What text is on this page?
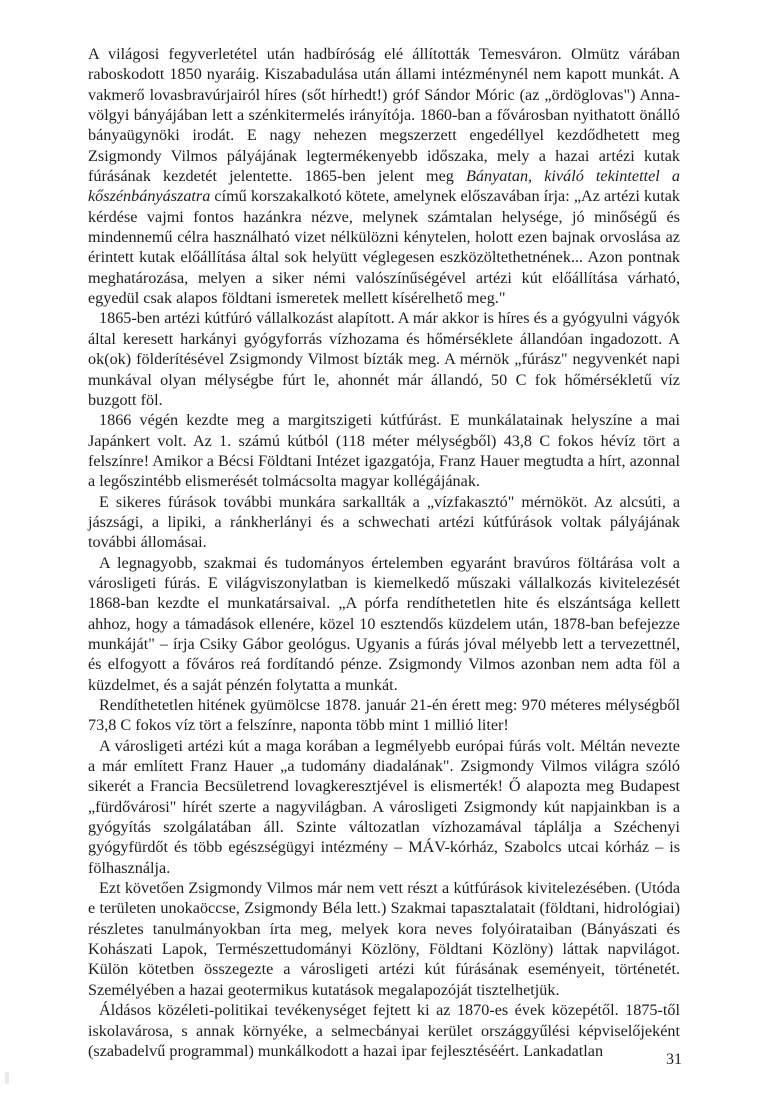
A világosi fegyverletétel után hadbíróság elé állították Temesváron. Olmütz várában raboskodott 1850 nyaráig. Kiszabadulása után állami intézménynél nem kapott munkát. A vakmerő lovasbravúrjairól híres (sőt hírhedt!) gróf Sándor Móric (az „ördöglovas") Anna-völgyi bányájában lett a szénkitermelés irányítója. 1860-ban a fővárosban nyithatott önálló bányaügynöki irodát. E nagy nehezen megszerzett engedéllyel kezdődhetett meg Zsigmondy Vilmos pályájának legtermékenyebb időszaka, mely a hazai artézi kutak fúrásának kezdetét jelentette. 1865-ben jelent meg Bányatan, kiváló tekintettel a kőszénbányászatra című korszakalkotó kötete, amelynek előszavában írja: „Az artézi kutak kérdése vajmi fontos hazánkra nézve, melynek számtalan helysége, jó minőségű és mindennemű célra használható vizet nélkülözni kénytelen, holott ezen bajnak orvoslása az érintett kutak előállítása által sok helyütt véglegesen eszközöltethetnének... Azon pontnak meghatározása, melyen a siker némi valószínűségével artézi kút előállítása várható, egyedül csak alapos földtani ismeretek mellett kísérelhető meg."

1865-ben artézi kútfúró vállalkozást alapított. A már akkor is híres és a gyógyulni vágyók által keresett harkányi gyógyforrás vízhozama és hőmérséklete állandóan ingadozott. A ok(ok) földerítésével Zsigmondy Vilmost bízták meg. A mérnök „fúrász" negyvenkét napi munkával olyan mélységbe fúrt le, ahonnét már állandó, 50 C fok hőmérsékletű víz buzgott föl.

1866 végén kezdte meg a margitszigeti kútfúrást. E munkálatainak helyszíne a mai Japánkert volt. Az 1. számú kútból (118 méter mélységből) 43,8 C fokos hévíz tört a felszínre! Amikor a Bécsi Földtani Intézet igazgatója, Franz Hauer megtudta a hírt, azonnal a legőszintébb elismerését tolmácsolta magyar kollégájának.

E sikeres fúrások további munkára sarkallták a „vízfakasztó" mérnököt. Az alcsúti, a jászsági, a lipiki, a ránkherlányi és a schwechati artézi kútfúrások voltak pályájának további állomásai.

A legnagyobb, szakmai és tudományos értelemben egyaránt bravúros föltárása volt a városligeti fúrás. E világviszonylatban is kiemelkedő műszaki vállalkozás kivitelezését 1868-ban kezdte el munkatársaival. „A pórfa rendíthetetlen hite és elszántsága kellett ahhoz, hogy a támadások ellenére, közel 10 esztendős küzdelem után, 1878-ban befejezze munkáját" – írja Csiky Gábor geológus. Ugyanis a fúrás jóval mélyebb lett a tervezettnél, és elfogyott a főváros reá fordítandó pénze. Zsigmondy Vilmos azonban nem adta föl a küzdelmet, és a saját pénzén folytatta a munkát.

Rendíthetetlen hitének gyümölcse 1878. január 21-én érett meg: 970 méteres mélységből 73,8 C fokos víz tört a felszínre, naponta több mint 1 millió liter!

A városligeti artézi kút a maga korában a legmélyebb európai fúrás volt. Méltán nevezte a már említett Franz Hauer „a tudomány diadalának". Zsigmondy Vilmos világra szóló sikerét a Francia Becsületrend lovagkeresztjével is elismerték! Ő alapozta meg Budapest „fürdővárosi" hírét szerte a nagyvilágban. A városligeti Zsigmondy kút napjainkban is a gyógyítás szolgálatában áll. Szinte változatlan vízhozamával táplálja a Széchenyi gyógyfürdőt és több egészségügyi intézmény – MÁV-kórház, Szabolcs utcai kórház – is fölhasználja.

Ezt követően Zsigmondy Vilmos már nem vett részt a kútfúrások kivitelezésében. (Utóda e területen unokaöccse, Zsigmondy Béla lett.) Szakmai tapasztalatait (földtani, hidrológiai) részletes tanulmányokban írta meg, melyek kora neves folyóirataiban (Bányászati és Kohászati Lapok, Természettudományi Közlöny, Földtani Közlöny) láttak napvilágot. Külön kötetben összegezte a városligeti artézi kút fúrásának eseményeit, történetét. Személyében a hazai geotermikus kutatások megalapozóját tisztelhetjük.

Áldásos közéleti-politikai tevékenységet fejtett ki az 1870-es évek közepétől. 1875-től iskolavárosa, s annak környéke, a selmecbányai kerület országgyűlési képviselőjeként (szabadelvű programmal) munkálkodott a hazai ipar fejlesztéséért. Lankadatlan	31
